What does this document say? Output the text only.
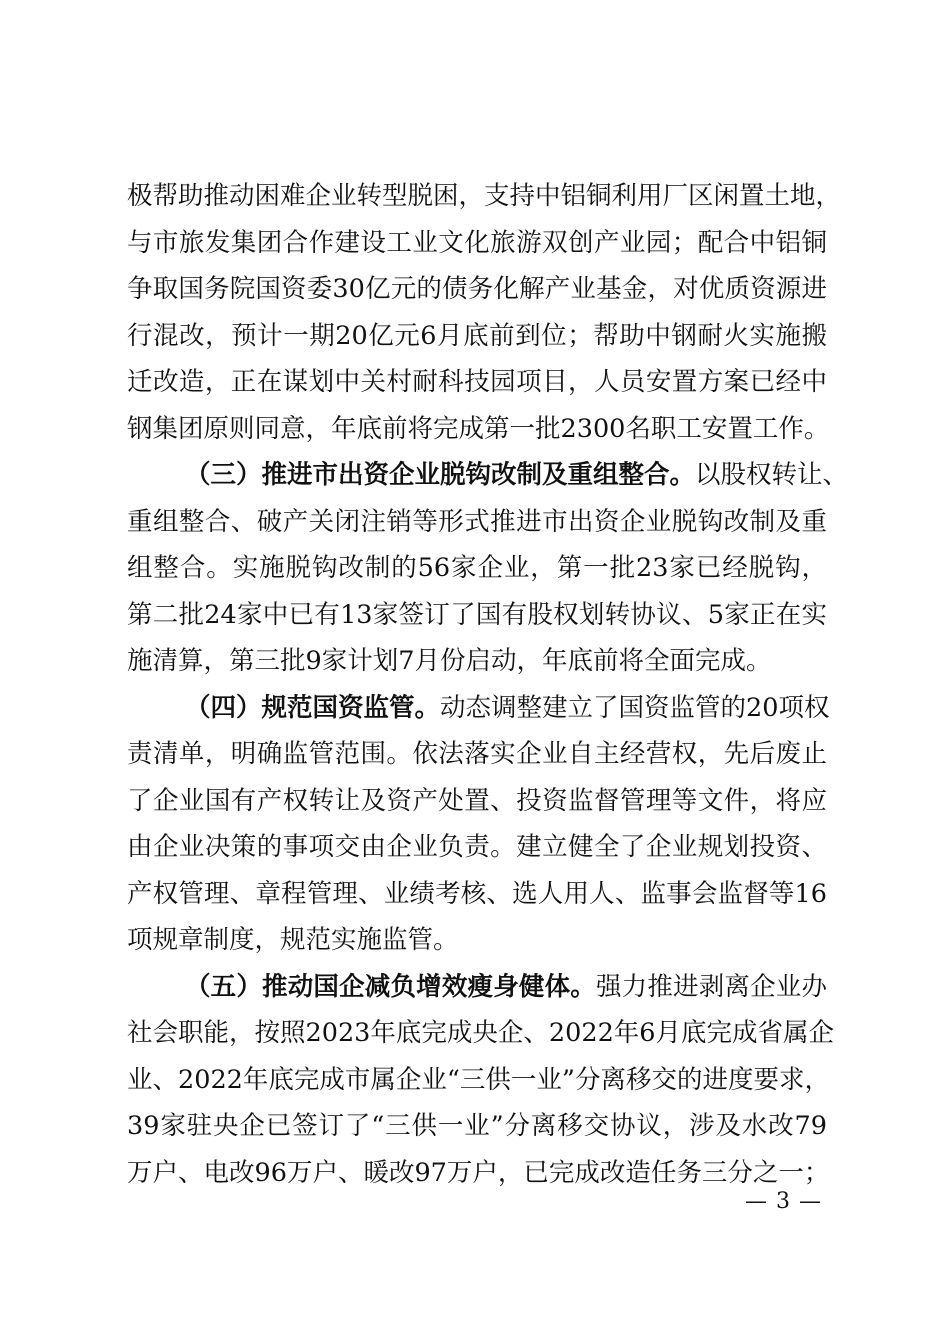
极帮助推动困难企业转型脱困，支持中铝铜利用厂区闲置土地，
与市旅发集团合作建设工业文化旅游双创产业园；配合中铝铜
争取国务院国资委30亿元的债务化解产业基金，对优质资源进
行混改，预计一期20亿元6月底前到位；帮助中钢耐火实施搬
迁改造，正在谋划中关村耐科技园项目，人员安置方案已经中
钢集团原则同意，年底前将完成第一批2300名职工安置工作。
（三）推进市出资企业脱钩改制及重组整合。以股权转让、
重组整合、破产关闭注销等形式推进市出资企业脱钩改制及重
组整合。实施脱钩改制的56家企业，第一批23家已经脱钩，
第二批24家中已有13家签订了国有股权划转协议、5家正在实
施清算，第三批9家计划7月份启动，年底前将全面完成。
（四）规范国资监管。动态调整建立了国资监管的20项权
责清单，明确监管范围。依法落实企业自主经营权，先后废止
了企业国有产权转让及资产处置、投资监督管理等文件，将应
由企业决策的事项交由企业负责。建立健全了企业规划投资、
产权管理、章程管理、业绩考核、选人用人、监事会监督等16
项规章制度，规范实施监管。
（五）推动国企减负增效瘦身健体。强力推进剥离企业办
社会职能，按照2023年底完成央企、2022年6月底完成省属企
业、2022年底完成市属企业“三供一业”分离移交的进度要求，
39家驻央企已签订了“三供一业”分离移交协议，涉及水改79
万户、电改96万户、暖改97万户，已完成改造任务三分之一；
— 3 —
